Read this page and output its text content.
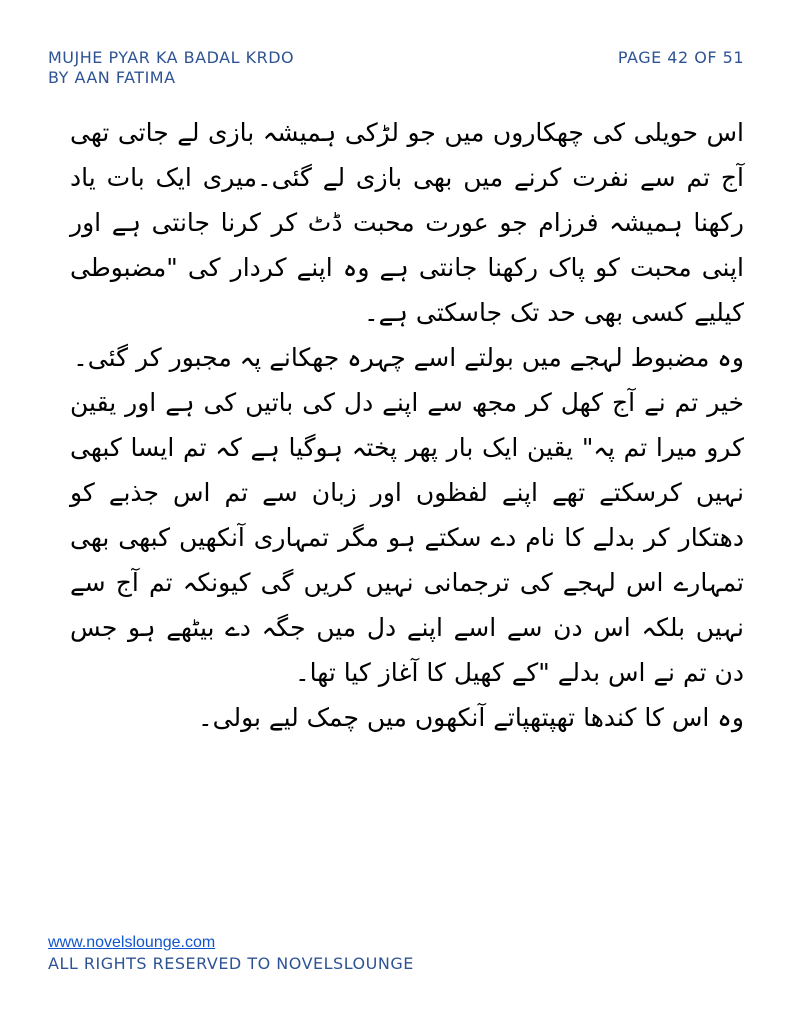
MUJHE PYAR KA BADAL KRDO
BY AAN FATIMA
PAGE 42 OF 51

اس حویلی کی چھکاروں میں جو لڑکی ہمیشہ بازی لے جاتی تھی آج تم سے نفرت کرنے میں بھی بازی لے گئی۔میری ایک بات یاد رکھنا ہمیشہ فرزام جو عورت محبت ڈٹ کر کرنا جانتی ہے اور اپنی محبت کو پاک رکھنا جانتی ہے وہ اپنے کردار کی "مضبوطی کیلیے کسی بھی حد تک جاسکتی ہے۔

وہ مضبوط لہجے میں بولتے اسے چہرہ جھکانے پہ مجبور کر گئی۔

خیر تم نے آج کھل کر مجھ سے اپنے دل کی باتیں کی ہے اور یقین کرو میرا تم پہ" یقین ایک بار پھر پختہ ہوگیا ہے کہ تم ایسا کبھی نہیں کرسکتے تھے اپنے لفظوں اور زبان سے تم اس جذبے کو دھتکار کر بدلے کا نام دے سکتے ہو مگر تمہاری آنکھیں کبھی بھی تمہارے اس لہجے کی ترجمانی نہیں کریں گی کیونکہ تم آج سے نہیں بلکہ اس دن سے اسے اپنے دل میں جگہ دے بیٹھے ہو جس دن تم نے اس بدلے "کے کھیل کا آغاز کیا تھا۔

وہ اس کا کندھا تھپتھپاتے آنکھوں میں چمک لیے بولی۔

www.novelslounge.com
ALL RIGHTS RESERVED TO NOVELSLOUNGE
